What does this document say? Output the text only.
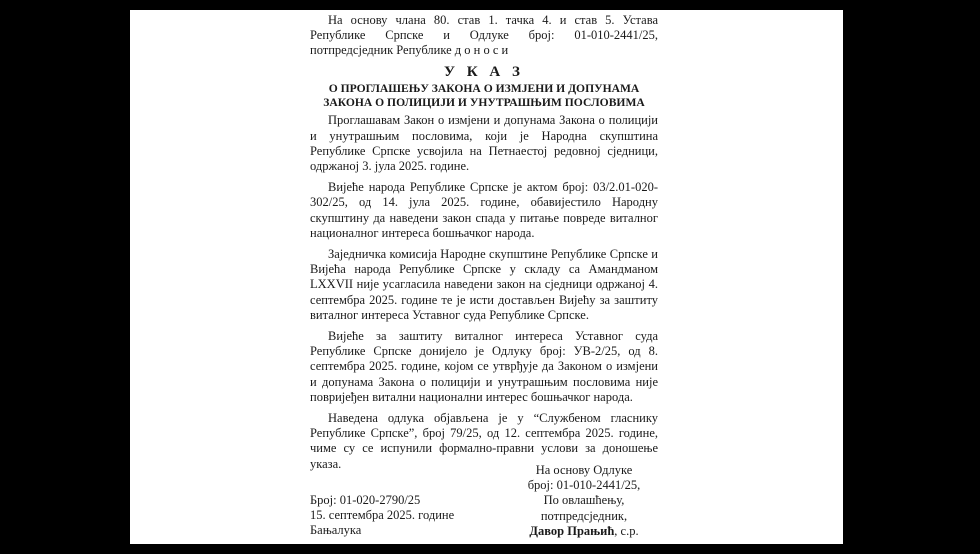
На основу члана 80. став 1. тачка 4. и став 5. Устава Републике Српске и Одлуке број: 01-010-2441/25, потпредсједник Републике д о н о с и

У К А З
О ПРОГЛАШЕЊУ ЗАКОНА О ИЗМЈЕНИ И ДОПУНАМА ЗАКОНА О ПОЛИЦИЈИ И УНУТРАШЊИМ ПОСЛОВИМА

Проглашавам Закон о измјени и допунама Закона о полицији и унутрашњим пословима, који је Народна скупштина Републике Српске усвојила на Петнаестој редовној сједници, одржаној 3. јула 2025. године.

Вијеће народа Републике Српске је актом број: 03/2.01-020-302/25, од 14. јула 2025. године, обавијестило Народну скупштину да наведени закон спада у питање повреде виталног националног интереса бошњачког народа.

Заједничка комисија Народне скупштине Републике Српске и Вијећа народа Републике Српске у складу са Амандманом LXXVII није усагласила наведени закон на сједници одржаној 4. септембра 2025. године те је исти достављен Вијећу за заштиту виталног интереса Уставног суда Републике Српске.

Вијеће за заштиту виталног интереса Уставног суда Републике Српске донијело је Одлуку број: УВ-2/25, од 8. септембра 2025. године, којом се утврђује да Законом о измјени и допунама Закона о полицији и унутрашњим пословима није повријеђен витални национални интерес бошњачког народа.

Наведена одлука објављена је у “Службеном гласнику Републике Српске”, број 79/25, од 12. септембра 2025. године, чиме су се испунили формално-правни услови за доношење указа.	На основу Одлуке
број: 01-010-2441/25,
По овлашћењу,
потпредсједник,
Давор Прањић, с.р.
Број: 01-020-2790/25
15. септембра 2025. године
Бањалука
